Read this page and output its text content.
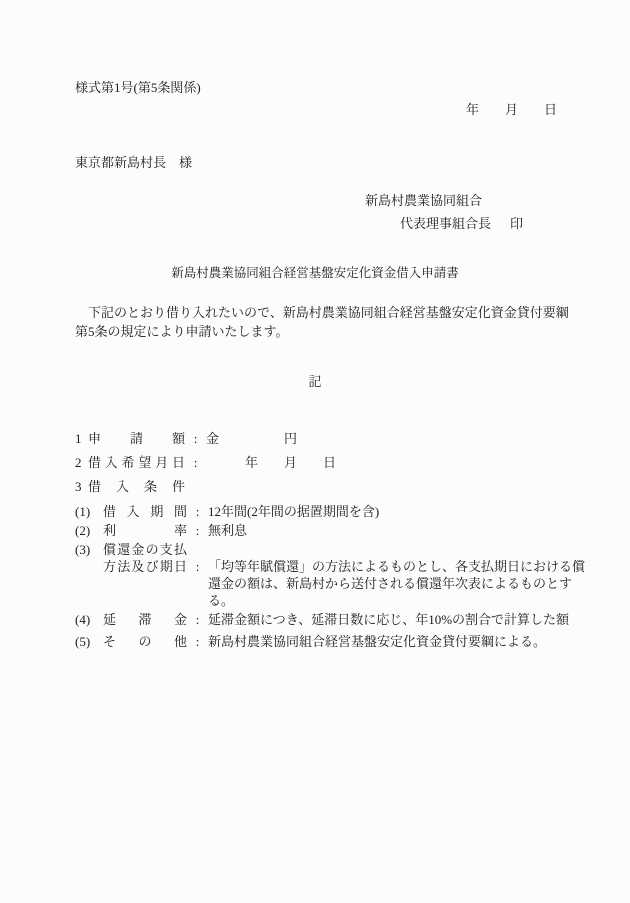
様式第1号(第5条関係)
年　　月　　日
東京都新島村長　様
新島村農業協同組合
代表理事組合長 印
新島村農業協同組合経営基盤安定化資金借入申請書
下記のとおり借り入れたいので、新島村農業協同組合経営基盤安定化資金貸付要綱第5条の規定により申請いたします。
記
1 申請額 : 金　　　　　円
2 借入希望月日 : 　　　年　　月　　日
3 借入条件
(1) 借入期間 : 12年間(2年間の据置期間を含)
(2) 利率 : 無利息
(3) 償還金の支払
方法及び期日 : 「均等年賦償還」の方法によるものとし、各支払期日における償還金の額は、新島村から送付される償還年次表によるものとする。
(4) 延滞金 : 延滞金額につき、延滞日数に応じ、年10%の割合で計算した額
(5) その他 : 新島村農業協同組合経営基盤安定化資金貸付要綱による。
